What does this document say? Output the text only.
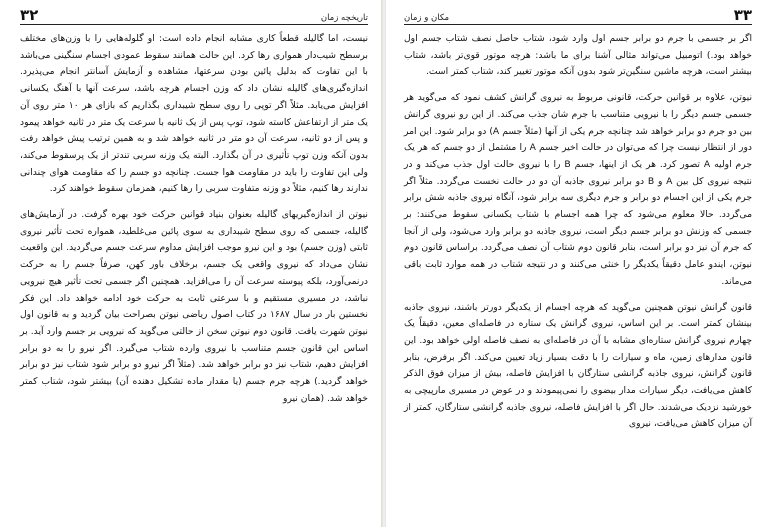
۳۲	تاریخچه زمان

نیست، اما گالیله قطعاً کاری مشابه انجام داده است: او گلوله‌هایی را با وزن‌های مختلف برسطح شیب‌دار همواری رها کرد. این حالت همانند سقوط عمودی اجسام سنگینی می‌باشد با این تفاوت که بدلیل پائین بودن سرعتها، مشاهده و آزمایش آسانتر انجام می‌پذیرد. اندازه‌گیری‌های گالیله نشان داد که وزن اجسام هرچه باشد، سرعت آنها با آهنگ یکسانی افزایش می‌یابد. مثلاً اگر توپی را روی سطح شیبداری بگذاریم که بازای هر ۱۰ متر روی آن یک متر از ارتفاعش کاسته شود، توپ پس از یک ثانیه با سرعت یک متر در ثانیه خواهد پیمود و پس از دو ثانیه، سرعت آن دو متر در ثانیه خواهد شد و به همین ترتیب پیش خواهد رفت بدون آنکه وزن توپ تأثیری در آن بگذارد. البته یک وزنه سربی تندتر از یک پرسقوط می‌کند، ولی این تفاوت را باید در مقاومت هوا جست. چنانچه دو جسم را که مقاومت هوای چندانی ندارند رها کنیم، مثلاً دو وزنه متفاوت سربی را رها کنیم، همزمان سقوط خواهند کرد.

نیوتن از اندازه‌گیریهای گالیله بعنوان بنیاد قوانین حرکت خود بهره گرفت. در آزمایش‌های گالیله، جسمی که روی سطح شیبداری به سوی پائین می‌غلطید، همواره تحت تأثیر نیروی ثابتی (وزن جسم) بود و این نیرو موجب افزایش مداوم سرعت جسم می‌گردید. این واقعیت نشان می‌داد که نیروی واقعی یک جسم، برخلاف باور کهن، صرفاً جسم را به حرکت درنمی‌آورد، بلکه پیوسته سرعت آن را می‌افزاید. همچنین اگر جسمی تحت تأثیر هیچ نیرویی نباشد، در مسیری مستقیم و با سرعتی ثابت به حرکت خود ادامه خواهد داد. این فکر نخستین بار در سال ۱۶۸۷ در کتاب اصول ریاضی نیوتن بصراحت بیان گردید و به قانون اول نیوتن شهرت یافت. قانون دوم نیوتن سخن از حالتی می‌گوید که نیرویی بر جسم وارد آید. بر اساس این قانون جسم متناسب با نیروی وارده شتاب می‌گیرد. اگر نیرو را به دو برابر افزایش دهیم، شتاب نیز دو برابر خواهد شد. (مثلاً اگر نیرو دو برابر شود شتاب نیز دو برابر خواهد گردید.) هرچه جرم جسم (یا مقدار ماده تشکیل دهنده آن) بیشتر شود، شتاب کمتر خواهد شد. (همان نیرو

مکان و زمان	۳۳

اگر بر جسمی با جرم دو برابر جسم اول وارد شود، شتاب حاصل نصف شتاب جسم اول خواهد بود.) اتومبیل می‌تواند مثالی آشنا برای ما باشد: هرچه موتور قوی‌تر باشد، شتاب بیشتر است، هرچه ماشین سنگین‌تر شود بدون آنکه موتور تغییر کند، شتاب کمتر است.

نیوتن، علاوه بر قوانین حرکت، قانونی مربوط به نیروی گرانش کشف نمود که می‌گوید هر جسمی جسم دیگر را با نیرویی متناسب با جرم شان جذب می‌کند. از این رو نیروی گرانش بین دو جرم دو برابر خواهد شد چنانچه جرم یکی از آنها (مثلاً جسم A) دو برابر شود. این امر دور از انتظار نیست چرا که می‌توان در حالت اخیر جسم A را مشتمل از دو جسم که هر یک جرم اولیه A تصور کرد. هر یک از اینها، جسم B را با نیروی حالت اول جذب می‌کند و در نتیجه نیروی کل بین A و B دو برابر نیروی جاذبه آن دو در حالت نخست می‌گردد. مثلاً اگر جرم یکی از این اجسام دو برابر و جرم دیگری سه برابر شود، آنگاه نیروی جاذبه شش برابر می‌گردد. حالا معلوم می‌شود که چرا همه اجسام با شتاب یکسانی سقوط می‌کنند: بر جسمی که وزنش دو برابر جسم دیگر است، نیروی جاذبه دو برابر وارد می‌شود، ولی از آنجا که جرم آن نیز دو برابر است، بنابر قانون دوم شتاب آن نصف می‌گردد. براساس قانون دوم نیوتن، ایندو عامل دقیقاً یکدیگر را خنثی می‌کنند و در نتیجه شتاب در همه موارد ثابت باقی می‌ماند.

قانون گرانش نیوتن همچنین می‌گوید که هرچه اجسام از یکدیگر دورتر باشند، نیروی جاذبه بینشان کمتر است. بر این اساس، نیروی گرانش یک ستاره در فاصله‌ای معین، دقیقاً یک چهارم نیروی گرانش ستاره‌ای مشابه با آن در فاصله‌ای به نصف فاصله اولی خواهد بود. این قانون مدارهای زمین، ماه و سیارات را با دقت بسیار زیاد تعیین می‌کند. اگر برفرض، بنابر قانون گرانش، نیروی جاذبه گرانشی ستارگان با افزایش فاصله، بیش از میزان فوق الذکر کاهش می‌یافت، دیگر سیارات مدار بیضوی را نمی‌پیمودند و در عوض در مسیری مارپیچی به خورشید نزدیک می‌شدند. حال اگر با افزایش فاصله، نیروی جاذبه گرانشی ستارگان، کمتر از آن میزان کاهش می‌یافت، نیروی
